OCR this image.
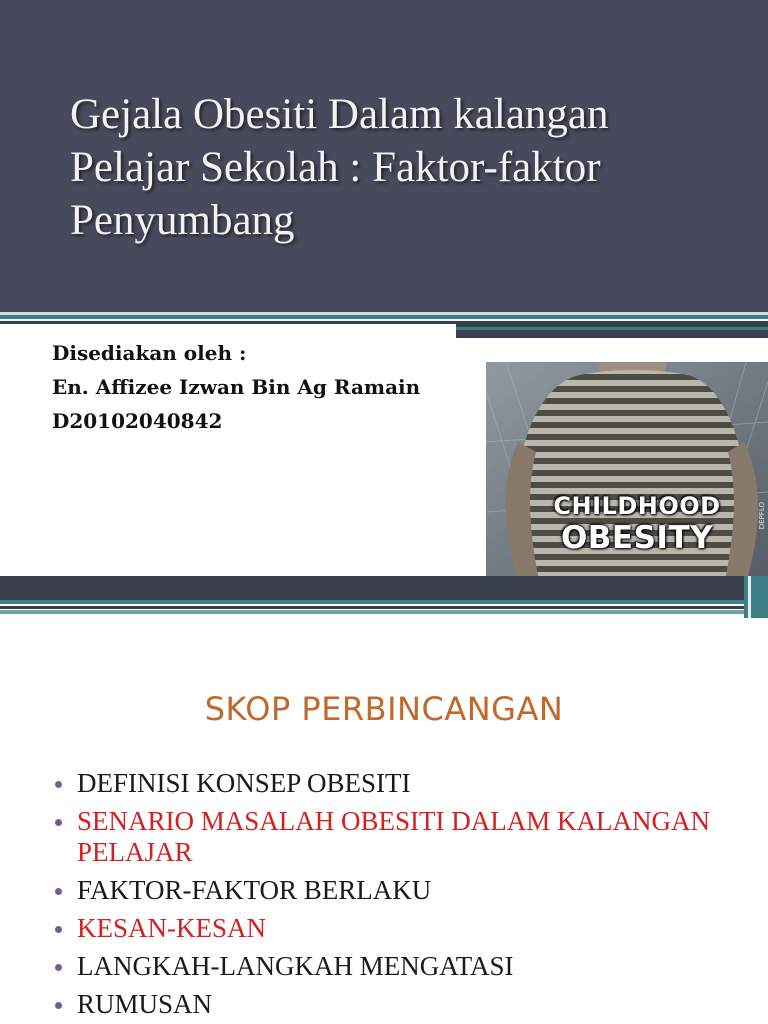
Gejala Obesiti Dalam kalangan
Pelajar Sekolah : Faktor-faktor
Penyumbang
Disediakan oleh :
En. Affizee Izwan Bin Ag Ramain
D20102040842
CHILDHOOD
OBESITY
DEPFLO
SKOP PERBINCANGAN
DEFINISI KONSEP OBESITI
SENARIO MASALAH OBESITI DALAM KALANGAN PELAJAR
FAKTOR-FAKTOR BERLAKU
KESAN-KESAN
LANGKAH-LANGKAH MENGATASI
RUMUSAN
